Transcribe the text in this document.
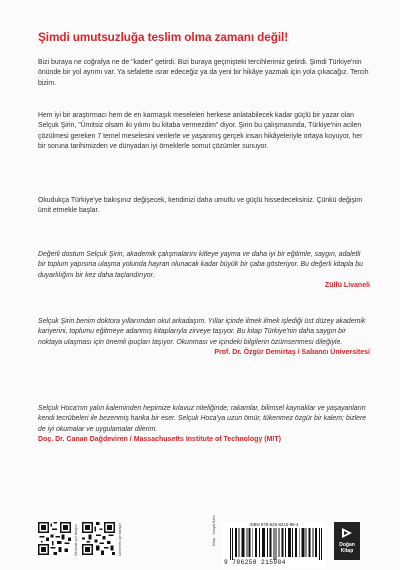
Şimdi umutsuzluğa teslim olma zamanı değil!

Bizi buraya ne coğrafya ne de "kader" getirdi. Bizi buraya geçmişteki tercihlerimiz getirdi. Şimdi Türkiye'nin önünde bir yol ayrımı var. Ya sefalette ısrar edeceğiz ya da yeni bir hikâye yazmak için yola çıkacağız. Tercih bizim.

Hem iyi bir araştırmacı hem de en karmaşık meseleleri herkese anlatabilecek kadar güçlü bir yazar olan Selçuk Şirin, "Ümitsiz olsam iki yılımı bu kitaba vermezdim" diyor. Şirin bu çalışmasında, Türkiye'nin acilen çözülmesi gereken 7 temel meselesini verilerle ve yaşanmış gerçek insan hikâyeleriyle ortaya koyuyor, her bir soruna tarihimizden ve dünyadan iyi örneklerle somut çözümler sunuyor.

Okudukça Türkiye'ye bakışınız değişecek, kendinizi daha umutlu ve güçlü hissedeceksiniz. Çünkü değişim ümit etmekle başlar.

Değerli dostum Selçuk Şirin, akademik çalışmalarını kitleye yayma ve daha iyi bir eğitimle, saygın, adaletli bir toplum yapısına ulaşma yolunda hayran olunacak kadar büyük bir çaba gösteriyor. Bu değerli kitapla bu duyarlılığını bir kez daha taçlandırıyor.
Zülfü Livaneli
Selçuk Şirin benim doktora yıllarımdan okul arkadaşım. Yıllar içinde ilmek ilmek işlediği üst düzey akademik kariyerini, toplumu eğitmeye adanmış kitaplarıyla zirveye taşıyor. Bu kitap Türkiye'nin daha saygın bir noktaya ulaşması için önemli ipuçları taşıyor. Okunması ve içindeki bilgilerin özümsenmesi dileğiyle.
Prof. Dr. Özgür Demirtaş / Sabancı Üniversitesi
Selçuk Hoca'nın yalın kaleminden hepimize kılavuz niteliğinde; rakamlar, bilimsel kaynaklar ve yaşayanların kendi tecrübeleri ile bezenmiş harika bir eser. Selçuk Hoca'ya uzun ömür, tükenmez özgür bir kalem; bizlere de iyi okumalar ve uygulamalar dilerim.
Doç. Dr. Canan Dağdeviren / Massachusetts Institute of Technology (MIT)
Okumak için tarayın	Dinlemek için tarayın	Kitap · Sosyal Bilim	ISBN 978-625-8215-98-4
9 786258 215984
Doğan
Kitap
